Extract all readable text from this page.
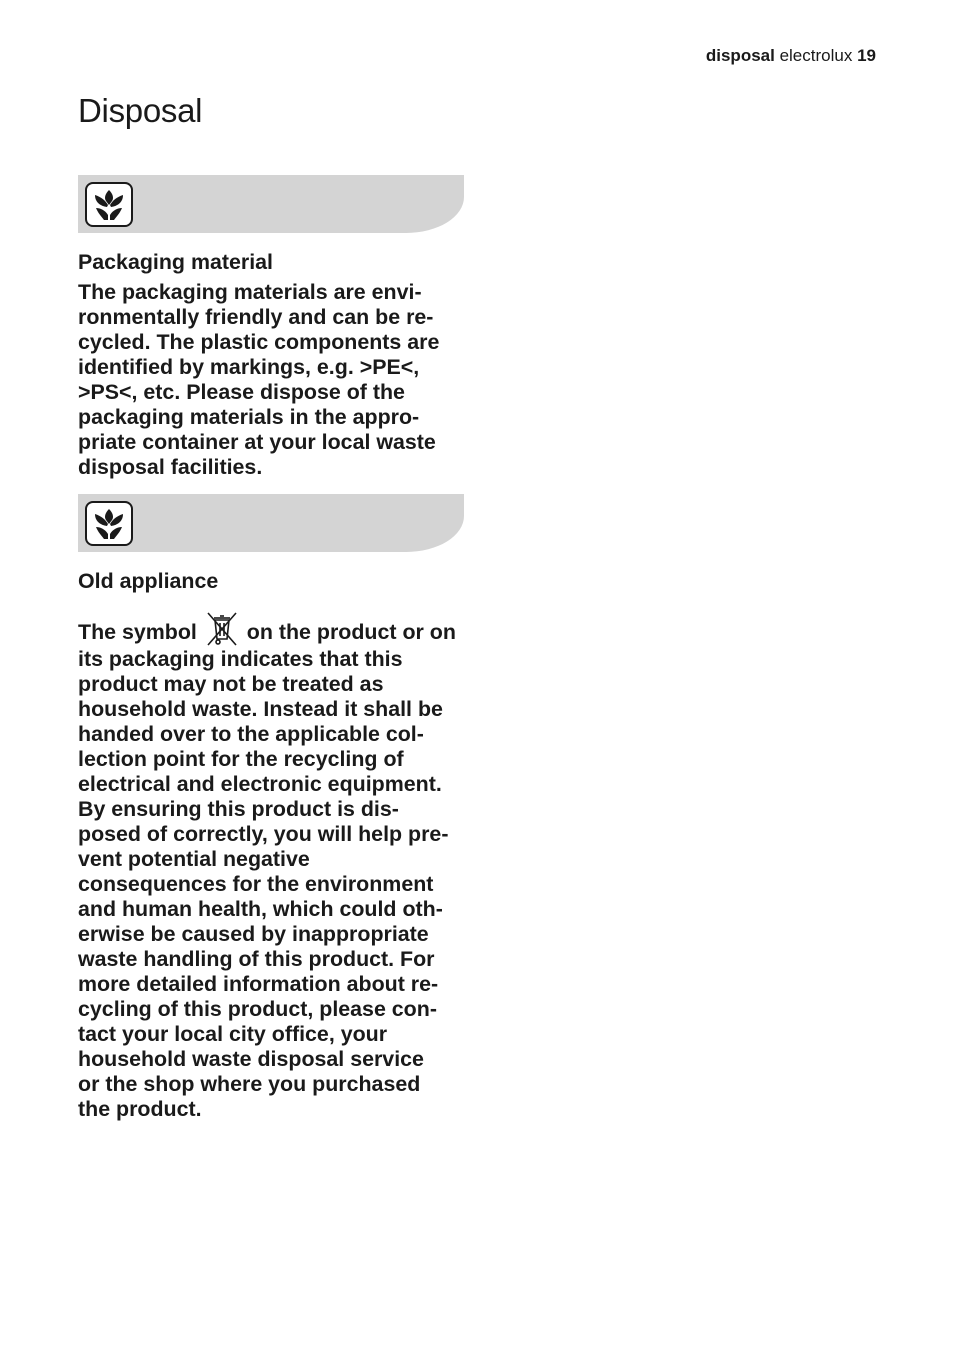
disposal electrolux 19
Disposal
Packaging material
The packaging materials are envi-
ronmentally friendly and can be re-
cycled. The plastic components are
identified by markings, e.g. >PE<,
>PS<, etc. Please dispose of the
packaging materials in the appro-
priate container at your local waste
disposal facilities.
Old appliance
The symbol on the product or on
its packaging indicates that this
product may not be treated as
household waste. Instead it shall be
handed over to the applicable col-
lection point for the recycling of
electrical and electronic equipment.
By ensuring this product is dis-
posed of correctly, you will help pre-
vent potential negative
consequences for the environment
and human health, which could oth-
erwise be caused by inappropriate
waste handling of this product. For
more detailed information about re-
cycling of this product, please con-
tact your local city office, your
household waste disposal service
or the shop where you purchased
the product.
